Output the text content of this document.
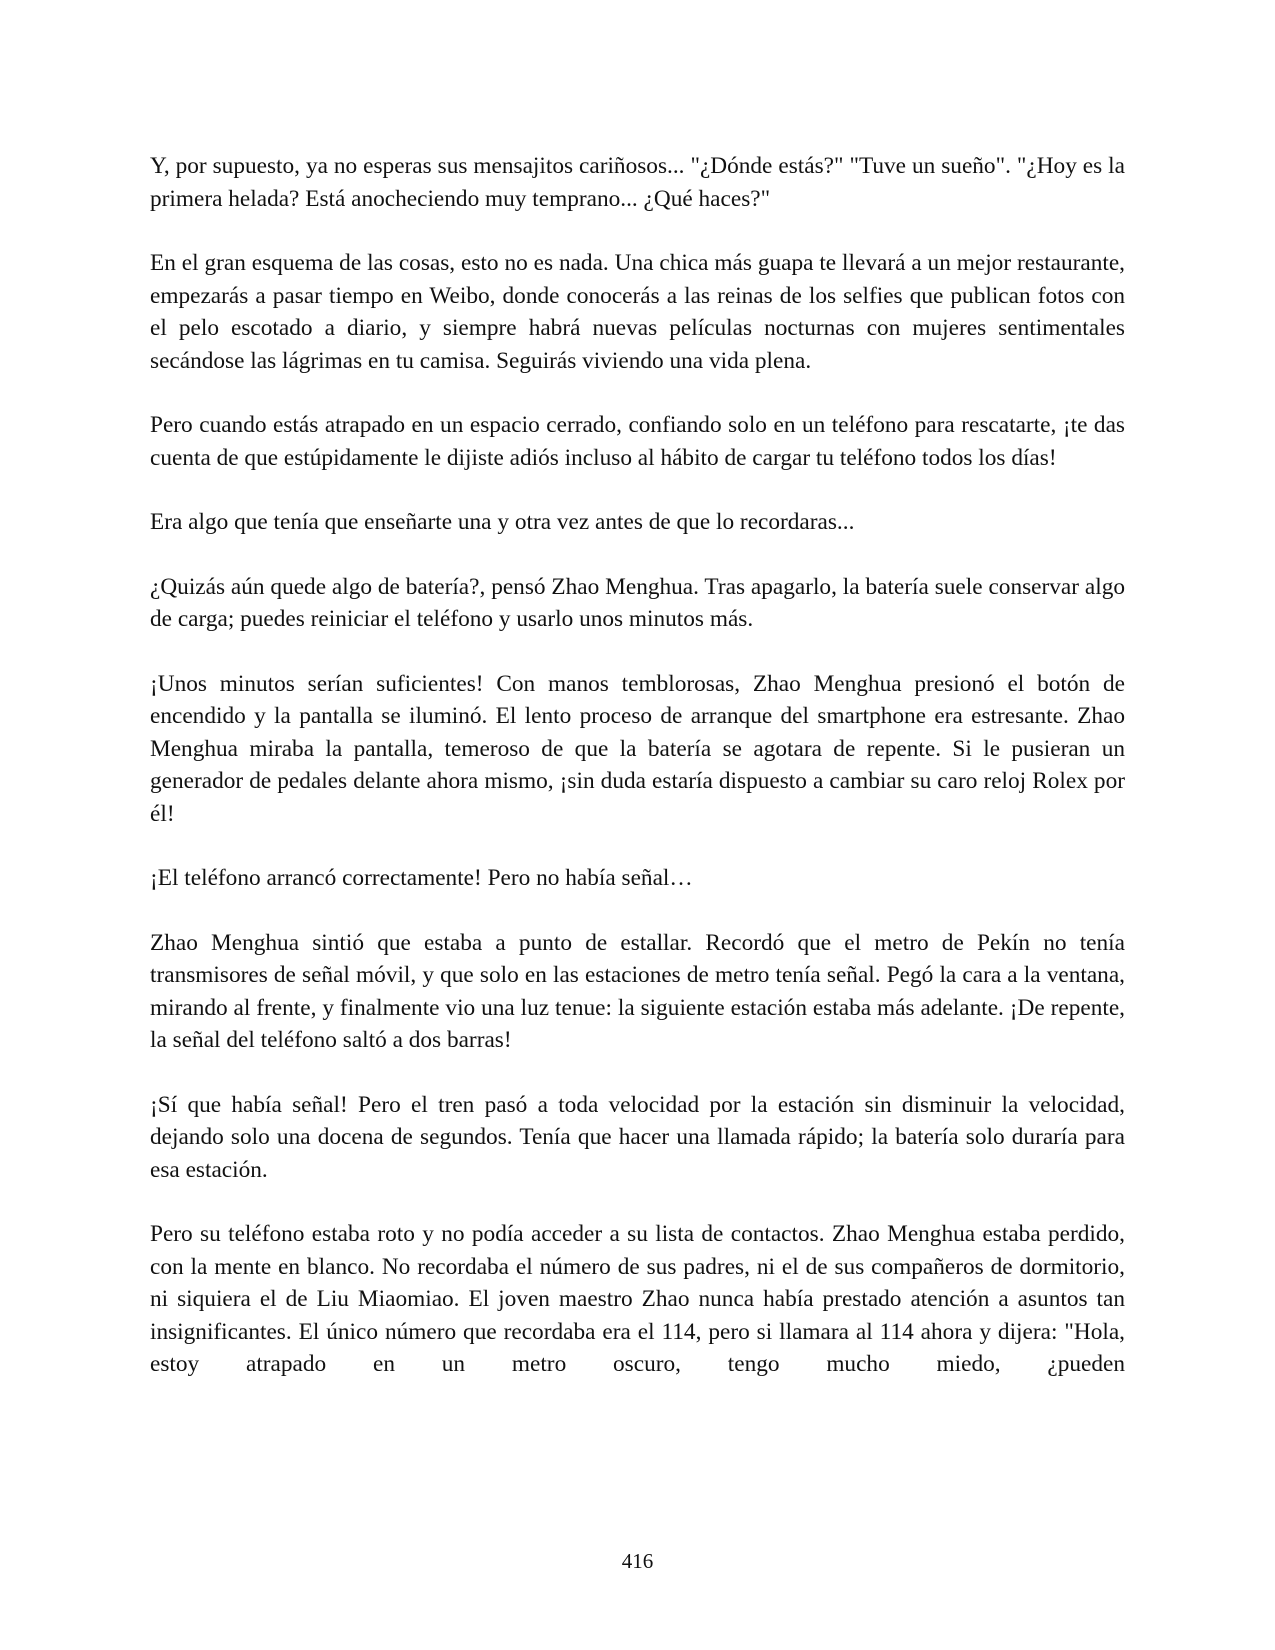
Y, por supuesto, ya no esperas sus mensajitos cariñosos... "¿Dónde estás?" "Tuve un sueño". "¿Hoy es la primera helada? Está anocheciendo muy temprano... ¿Qué haces?"

En el gran esquema de las cosas, esto no es nada. Una chica más guapa te llevará a un mejor restaurante, empezarás a pasar tiempo en Weibo, donde conocerás a las reinas de los selfies que publican fotos con el pelo escotado a diario, y siempre habrá nuevas películas nocturnas con mujeres sentimentales secándose las lágrimas en tu camisa. Seguirás viviendo una vida plena.

Pero cuando estás atrapado en un espacio cerrado, confiando solo en un teléfono para rescatarte, ¡te das cuenta de que estúpidamente le dijiste adiós incluso al hábito de cargar tu teléfono todos los días!

Era algo que tenía que enseñarte una y otra vez antes de que lo recordaras...

¿Quizás aún quede algo de batería?, pensó Zhao Menghua. Tras apagarlo, la batería suele conservar algo de carga; puedes reiniciar el teléfono y usarlo unos minutos más.

¡Unos minutos serían suficientes! Con manos temblorosas, Zhao Menghua presionó el botón de encendido y la pantalla se iluminó. El lento proceso de arranque del smartphone era estresante. Zhao Menghua miraba la pantalla, temeroso de que la batería se agotara de repente. Si le pusieran un generador de pedales delante ahora mismo, ¡sin duda estaría dispuesto a cambiar su caro reloj Rolex por él!

¡El teléfono arrancó correctamente! Pero no había señal…

Zhao Menghua sintió que estaba a punto de estallar. Recordó que el metro de Pekín no tenía transmisores de señal móvil, y que solo en las estaciones de metro tenía señal. Pegó la cara a la ventana, mirando al frente, y finalmente vio una luz tenue: la siguiente estación estaba más adelante. ¡De repente, la señal del teléfono saltó a dos barras!

¡Sí que había señal! Pero el tren pasó a toda velocidad por la estación sin disminuir la velocidad, dejando solo una docena de segundos. Tenía que hacer una llamada rápido; la batería solo duraría para esa estación.

Pero su teléfono estaba roto y no podía acceder a su lista de contactos. Zhao Menghua estaba perdido, con la mente en blanco. No recordaba el número de sus padres, ni el de sus compañeros de dormitorio, ni siquiera el de Liu Miaomiao. El joven maestro Zhao nunca había prestado atención a asuntos tan insignificantes. El único número que recordaba era el 114, pero si llamara al 114 ahora y dijera: "Hola, estoy atrapado en un metro oscuro, tengo mucho miedo, ¿pueden

416
